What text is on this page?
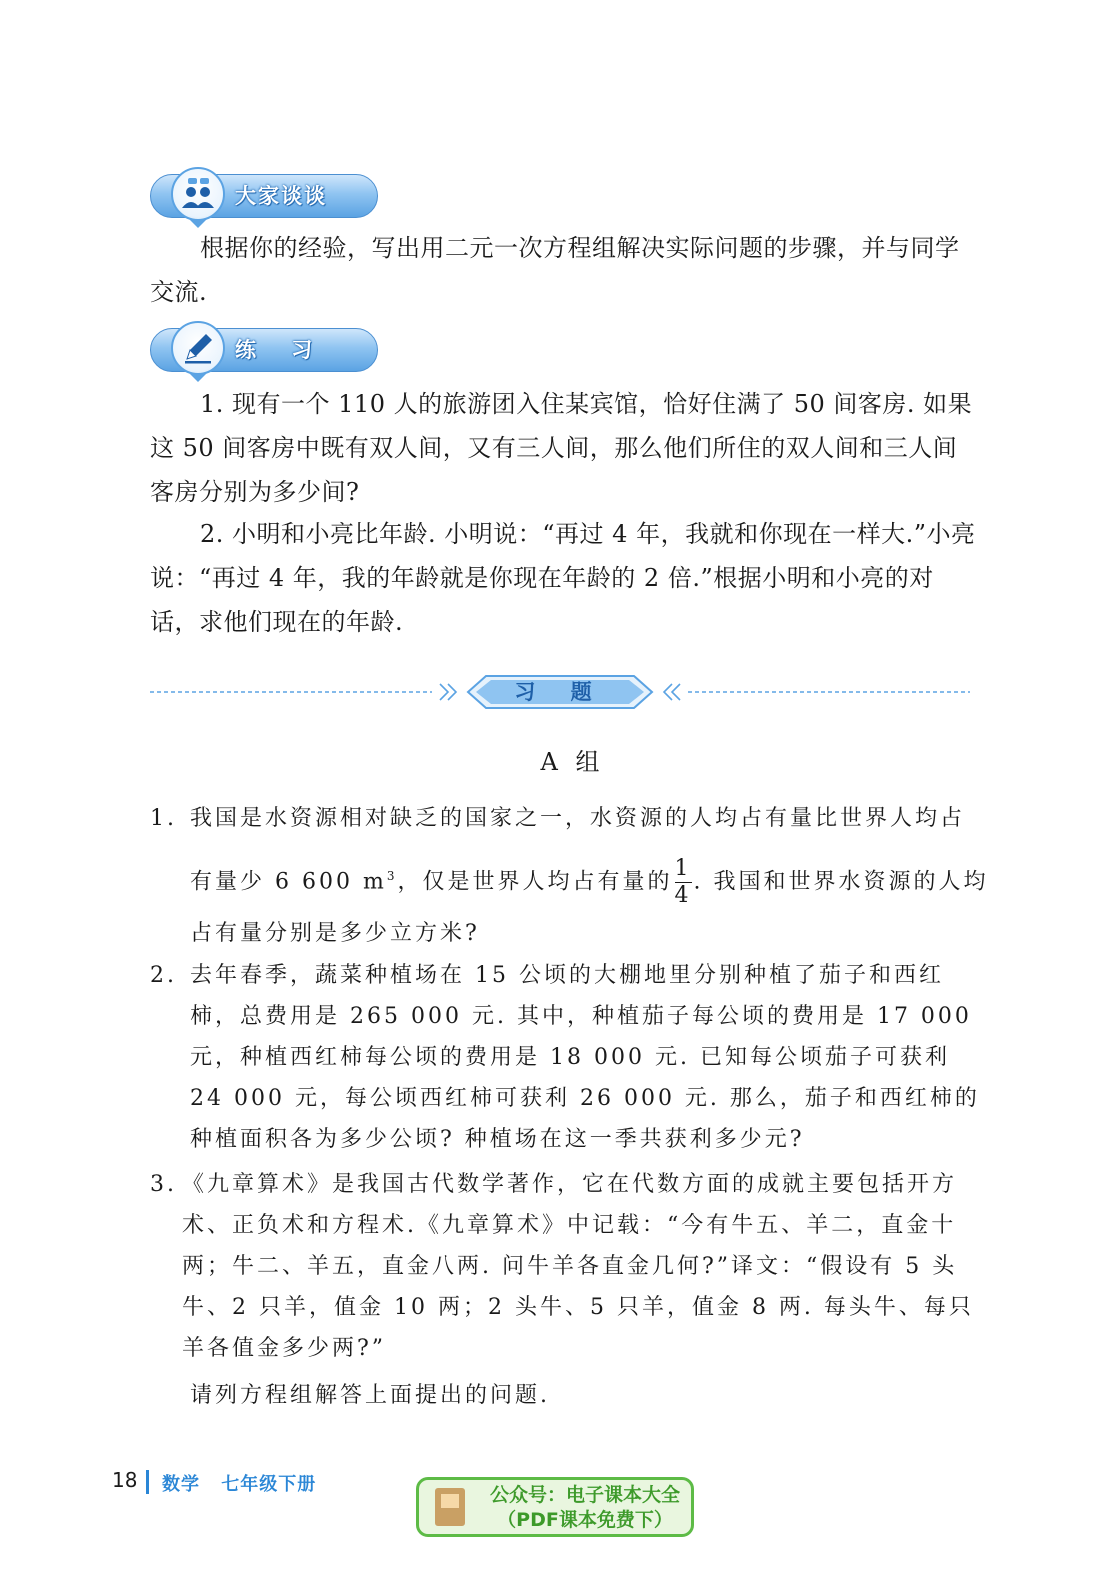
大家谈谈
根据你的经验，写出用二元一次方程组解决实际问题的步骤，并与同学交流.
练 习
1. 现有一个 110 人的旅游团入住某宾馆，恰好住满了 50 间客房. 如果这 50 间客房中既有双人间，又有三人间，那么他们所住的双人间和三人间客房分别为多少间?
2. 小明和小亮比年龄. 小明说：“再过 4 年，我就和你现在一样大.”小亮说：“再过 4 年，我的年龄就是你现在年龄的 2 倍.”根据小明和小亮的对话，求他们现在的年龄.
习 题
A 组
1. 我国是水资源相对缺乏的国家之一，水资源的人均占有量比世界人均占
有量少 6 600 $m^3$，仅是世界人均占有量的 $\frac{1}{4}$ . 我国和世界水资源的人均
占有量分别是多少立方米?
2. 去年春季，蔬菜种植场在 15 公顷的大棚地里分别种植了茄子和西红柿，总费用是 265 000 元. 其中，种植茄子每公顷的费用是 17 000 元，种植西红柿每公顷的费用是 18 000 元. 已知每公顷茄子可获利 24 000 元，每公顷西红柿可获利 26 000 元. 那么，茄子和西红柿的种植面积各为多少公顷? 种植场在这一季共获利多少元?
3. 《九章算术》是我国古代数学著作，它在代数方面的成就主要包括开方术、正负术和方程术.《九章算术》中记载：“今有牛五、羊二，直金十两；牛二、羊五，直金八两. 问牛羊各直金几何?”译文：“假设有 5 头牛、2 只羊，值金 10 两；2 头牛、5 只羊，值金 8 两. 每头牛、每只羊各值金多少两?”
请列方程组解答上面提出的问题.
18 数学 七年级下册	公众号：电子课本大全
（PDF课本免费下）
